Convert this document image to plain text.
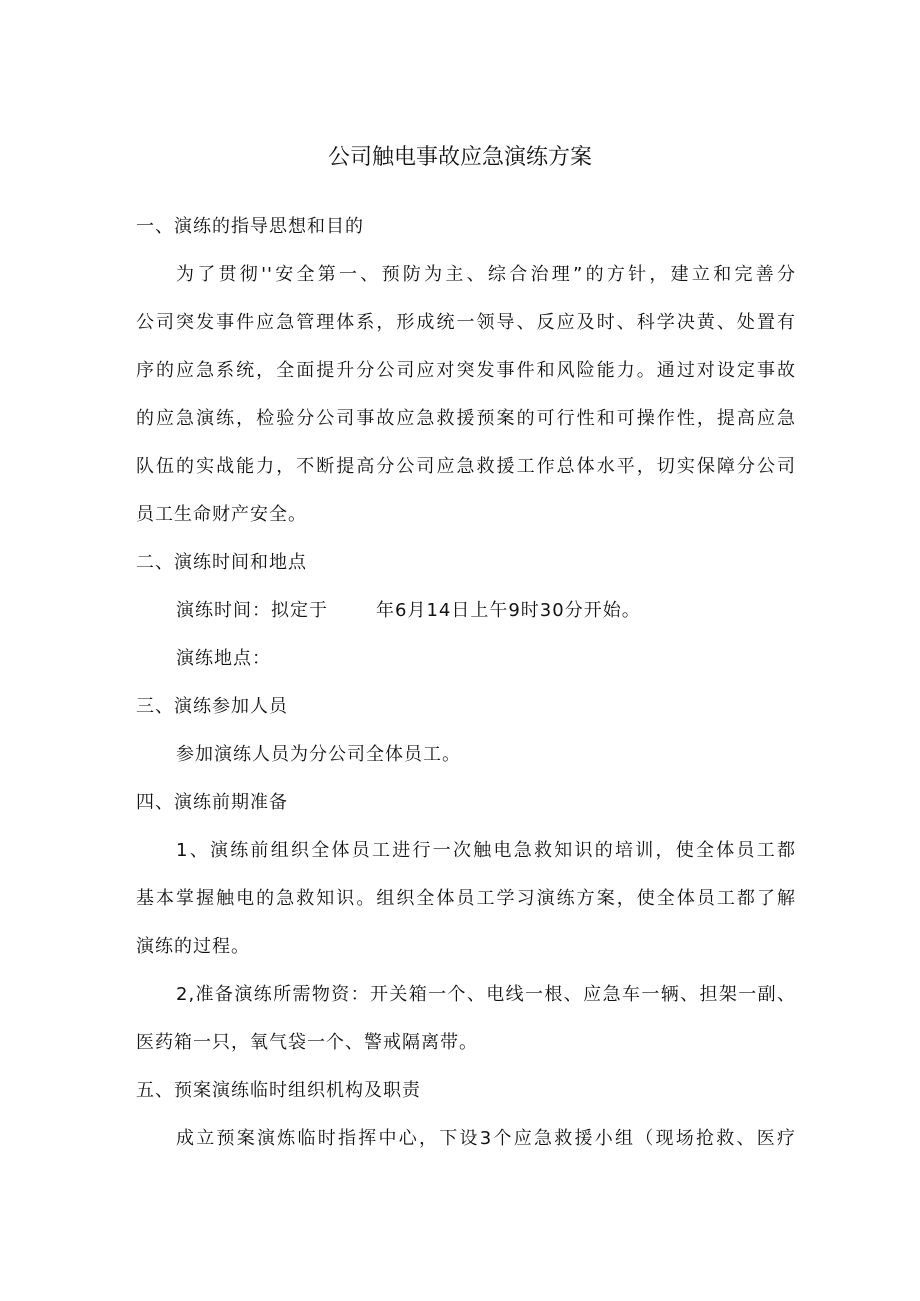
公司触电事故应急演练方案
一、演练的指导思想和目的
为了贯彻''安全第一、预防为主、综合治理”的方针，建立和完善分
公司突发事件应急管理体系，形成统一领导、反应及时、科学决黄、处置有
序的应急系统，全面提升分公司应对突发事件和风险能力。通过对设定事故
的应急演练，检验分公司事故应急救援预案的可行性和可操作性，提高应急
队伍的实战能力，不断提高分公司应急救援工作总体水平，切实保障分公司
员工生命财产安全。
二、演练时间和地点
演练时间：拟定于	年6月14日上午9时30分开始。
演练地点：
三、演练参加人员
参加演练人员为分公司全体员工。
四、演练前期准备
1、演练前组织全体员工进行一次触电急救知识的培训，使全体员工都
基本掌握触电的急救知识。组织全体员工学习演练方案，使全体员工都了解
演练的过程。
2,准备演练所需物资：开关箱一个、电线一根、应急车一辆、担架一副、
医药箱一只，氧气袋一个、警戒隔离带。
五、预案演练临时组织机构及职责
成立预案演炼临时指挥中心，下设3个应急救援小组（现场抢救、医疗
